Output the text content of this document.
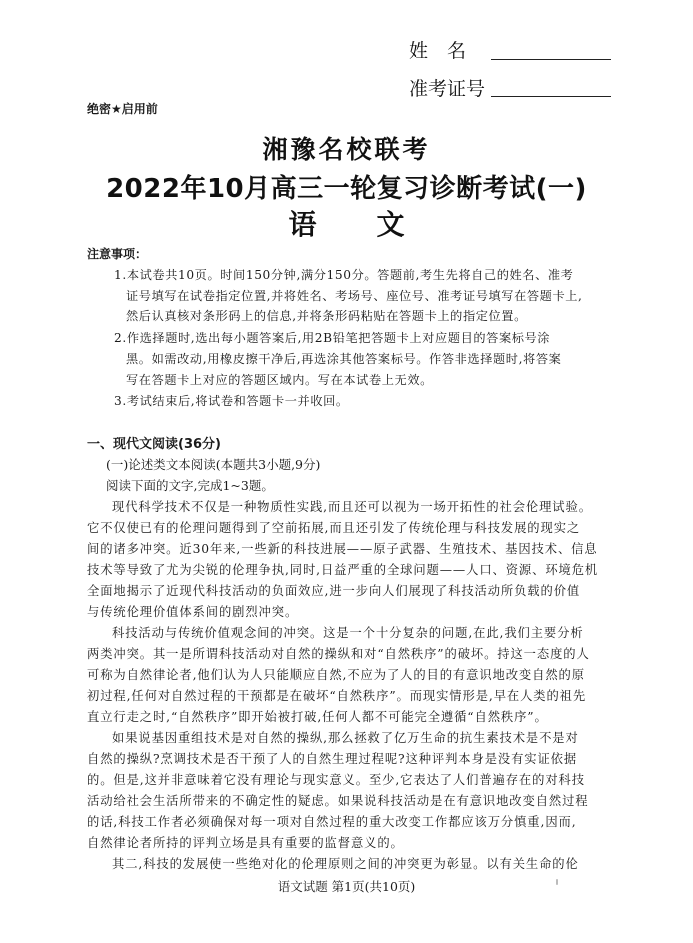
姓　名
准考证号
绝密★启用前
湘豫名校联考
2022年10月高三一轮复习诊断考试(一)
语 文
注意事项：
1.本试卷共10页。时间150分钟,满分150分。答题前,考生先将自己的姓名、准考
证号填写在试卷指定位置,并将姓名、考场号、座位号、准考证号填写在答题卡上,
然后认真核对条形码上的信息,并将条形码粘贴在答题卡上的指定位置。
2.作选择题时,选出每小题答案后,用2B铅笔把答题卡上对应题目的答案标号涂
黑。如需改动,用橡皮擦干净后,再选涂其他答案标号。作答非选择题时,将答案
写在答题卡上对应的答题区域内。写在本试卷上无效。
3.考试结束后,将试卷和答题卡一并收回。
一、现代文阅读(36分)
(一)论述类文本阅读(本题共3小题,9分)
阅读下面的文字,完成1~3题。
现代科学技术不仅是一种物质性实践,而且还可以视为一场开拓性的社会伦理试验。
它不仅使已有的伦理问题得到了空前拓展,而且还引发了传统伦理与科技发展的现实之
间的诸多冲突。近30年来,一些新的科技进展——原子武器、生殖技术、基因技术、信息
技术等导致了尤为尖锐的伦理争执,同时,日益严重的全球问题——人口、资源、环境危机
全面地揭示了近现代科技活动的负面效应,进一步向人们展现了科技活动所负载的价值
与传统伦理价值体系间的剧烈冲突。
科技活动与传统价值观念间的冲突。这是一个十分复杂的问题,在此,我们主要分析
两类冲突。其一是所谓科技活动对自然的操纵和对“自然秩序”的破坏。持这一态度的人
可称为自然律论者,他们认为人只能顺应自然,不应为了人的目的有意识地改变自然的原
初过程,任何对自然过程的干预都是在破坏“自然秩序”。而现实情形是,早在人类的祖先
直立行走之时,“自然秩序”即开始被打破,任何人都不可能完全遵循“自然秩序”。
如果说基因重组技术是对自然的操纵,那么拯救了亿万生命的抗生素技术是不是对
自然的操纵?烹调技术是否干预了人的自然生理过程呢?这种评判本身是没有实证依据
的。但是,这并非意味着它没有理论与现实意义。至少,它表达了人们普遍存在的对科技
活动给社会生活所带来的不确定性的疑虑。如果说科技活动是在有意识地改变自然过程
的话,科技工作者必须确保对每一项对自然过程的重大改变工作都应该万分慎重,因而,
自然律论者所持的评判立场是具有重要的监督意义的。
其二,科技的发展使一些绝对化的伦理原则之间的冲突更为彰显。以有关生命的伦
语文试题 第1页(共10页)
